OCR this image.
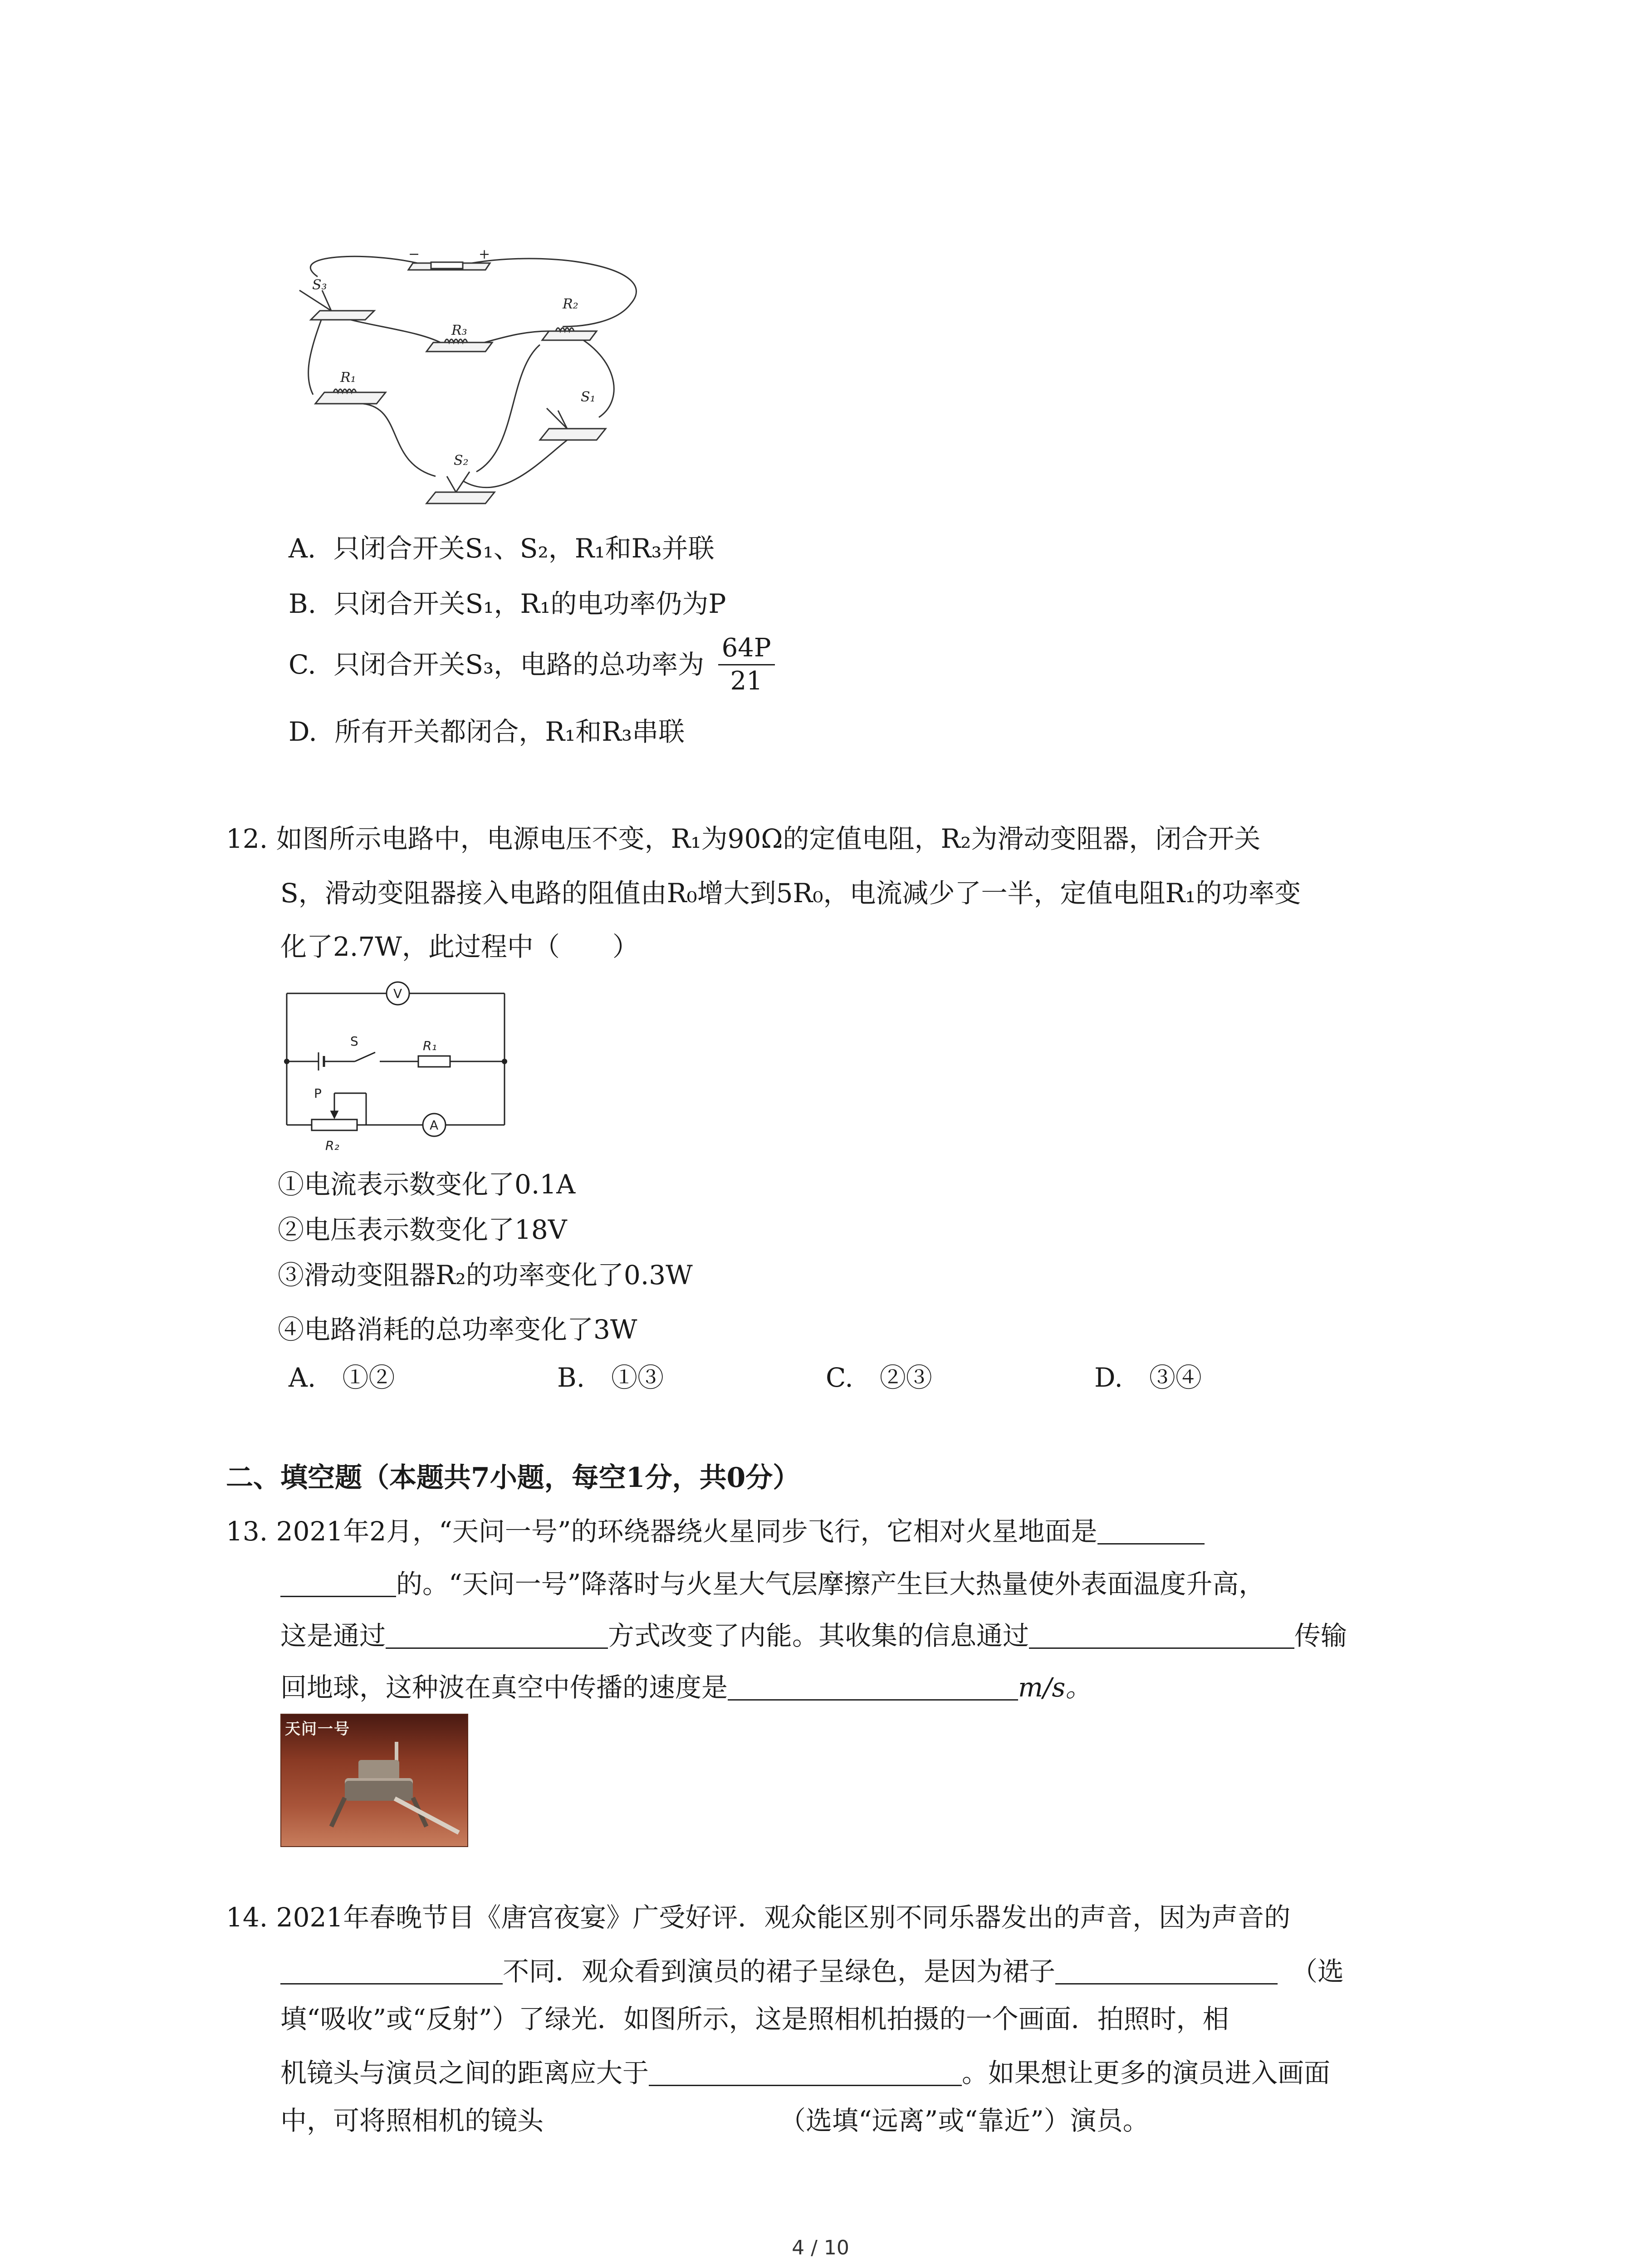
S₃
−	+
R₃
R₂
R₁
S₁
S₂
A. 只闭合开关S₁、S₂，R₁和R₃并联
B. 只闭合开关S₁，R₁的电功率仍为P
C. 只闭合开关S₃，电路的总功率为 $\frac{64P}{21}$
D. 所有开关都闭合，R₁和R₃串联
12. 如图所示电路中，电源电压不变，R₁为90Ω的定值电阻，R₂为滑动变阻器，闭合开关
S，滑动变阻器接入电路的阻值由R₀增大到5R₀，电流减少了一半，定值电阻R₁的功率变
化了2.7W，此过程中（　　）
V
S	R₁
P
R₂
A
①电流表示数变化了0.1A
②电压表示数变化了18V
③滑动变阻器R₂的功率变化了0.3W
④电路消耗的总功率变化了3W
A.　①②	B.　①③	C.　②③	D.　③④
二、填空题（本题共7小题，每空1分，共0分）
13. 2021年2月，“天问一号”的环绕器绕火星同步飞行，它相对火星地面是
的。“天问一号”降落时与火星大气层摩擦产生巨大热量使外表面温度升高，
这是通过	方式改变了内能。其收集的信息通过	传输
回地球，这种波在真空中传播的速度是	m/s。
天问一号
14. 2021年春晚节目《唐宫夜宴》广受好评．观众能区别不同乐器发出的声音，因为声音的
不同．观众看到演员的裙子呈绿色，是因为裙子	（选
填“吸收”或“反射”）了绿光．如图所示，这是照相机拍摄的一个画面．拍照时，相
机镜头与演员之间的距离应大于	。如果想让更多的演员进入画面
中，可将照相机的镜头	（选填“远离”或“靠近”）演员。
4 / 10
